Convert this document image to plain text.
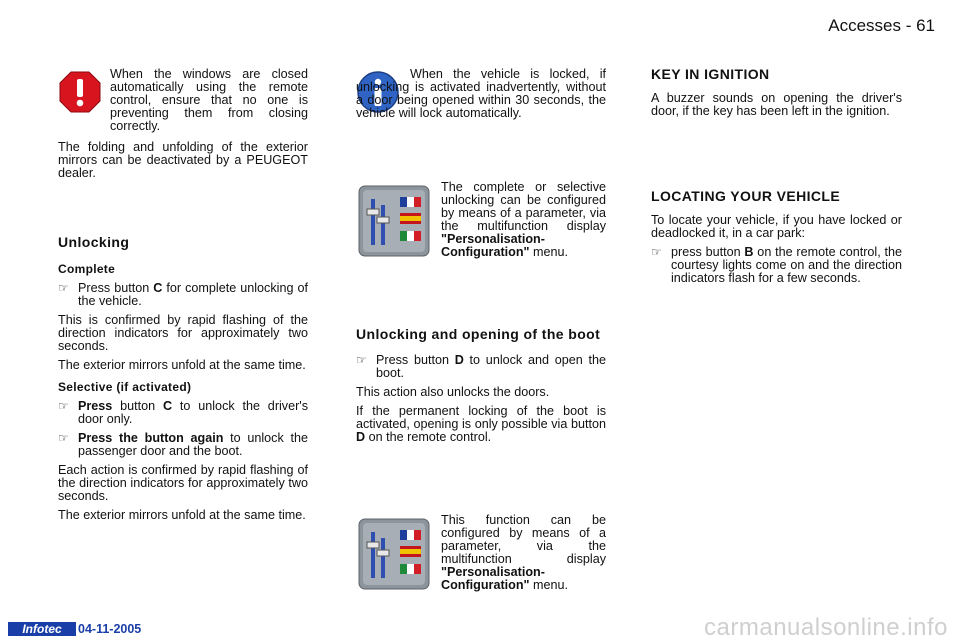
Accesses - 61
When the windows are closed automatically using the remote control, ensure that no one is preventing them from closing correctly.

The folding and unfolding of the exterior mirrors can be deactivated by a PEUGEOT dealer.

Unlocking
Complete
☞ Press button C for complete unlocking of the vehicle.

This is confirmed by rapid flashing of the direction indicators for approximately two seconds.

The exterior mirrors unfold at the same time.

Selective (if activated)
☞ Press button C to unlock the driver's door only.
☞ Press the button again to unlock the passenger door and the boot.

Each action is confirmed by rapid flashing of the direction indicators for approximately two seconds.

The exterior mirrors unfold at the same time.

When the vehicle is locked, if unlocking is activated inadvertently, without a door being opened within 30 seconds, the vehicle will lock automatically.

The complete or selective unlocking can be configured by means of a parameter, via the multifunction display "Personalisation-Configuration" menu.
Unlocking and opening of the boot
☞ Press button D to unlock and open the boot.

This action also unlocks the doors.

If the permanent locking of the boot is activated, opening is only possible via button D on the remote control.

This function can be configured by means of a parameter, via the multifunction display "Personalisation-Configuration" menu.
KEY IN IGNITION

A buzzer sounds on opening the driver's door, if the key has been left in the ignition.

LOCATING YOUR VEHICLE

To locate your vehicle, if you have locked or deadlocked it, in a car park:

☞ press button B on the remote control, the courtesy lights come on and the direction indicators flash for a few seconds.
Infotec	04-11-2005	carmanualsonline.info
